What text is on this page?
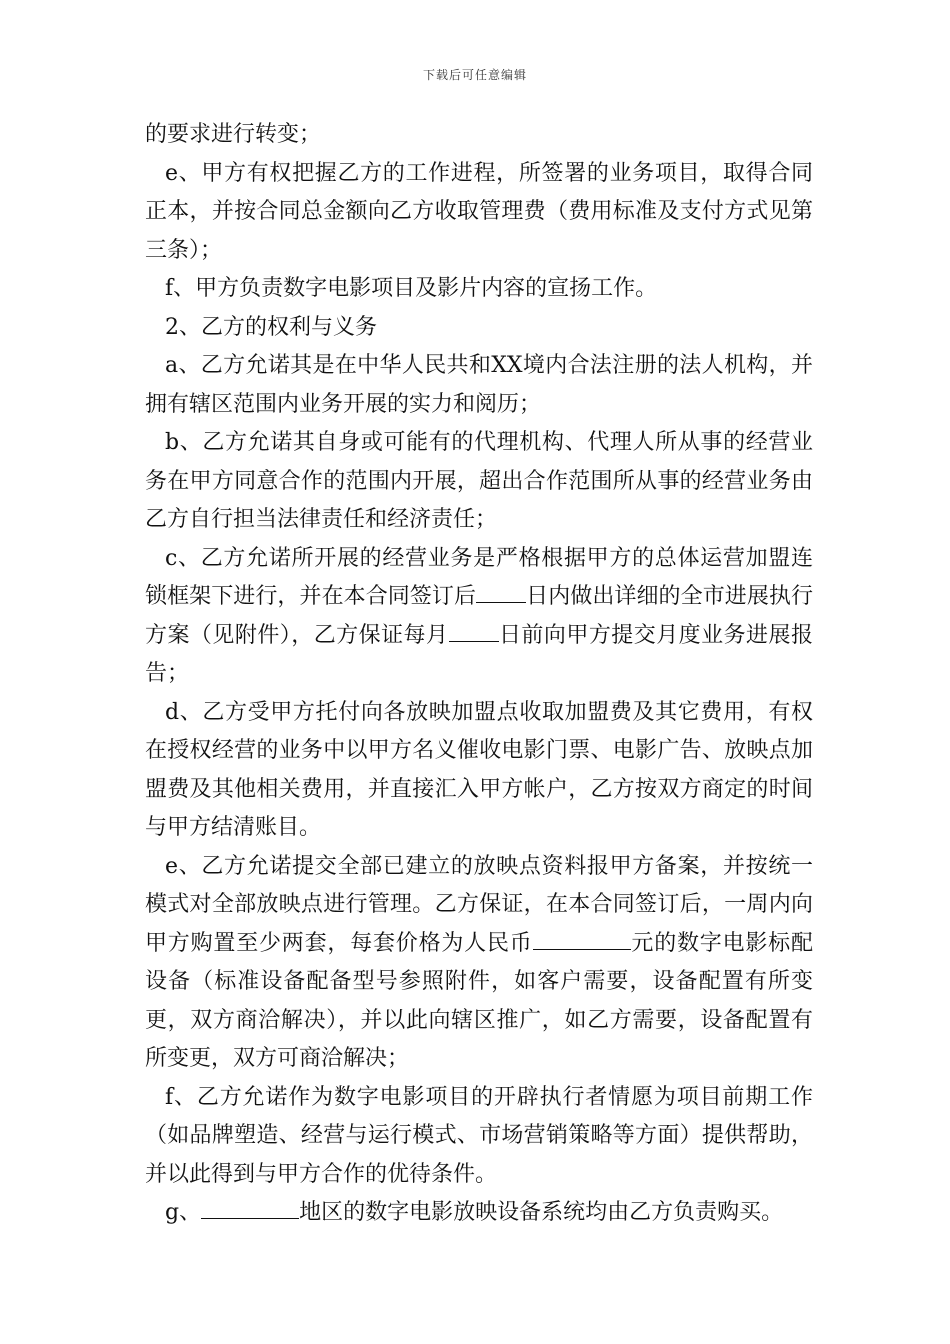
下载后可任意编辑

的要求进行转变；

e、甲方有权把握乙方的工作进程，所签署的业务项目，取得合同正本，并按合同总金额向乙方收取管理费（费用标准及支付方式见第三条）；

f、甲方负责数字电影项目及影片内容的宣扬工作。

2、乙方的权利与义务

a、乙方允诺其是在中华人民共和XX境内合法注册的法人机构，并拥有辖区范围内业务开展的实力和阅历；

b、乙方允诺其自身或可能有的代理机构、代理人所从事的经营业务在甲方同意合作的范围内开展，超出合作范围所从事的经营业务由乙方自行担当法律责任和经济责任；

c、乙方允诺所开展的经营业务是严格根据甲方的总体运营加盟连锁框架下进行，并在本合同签订后 日内做出详细的全市进展执行方案（见附件），乙方保证每月 日前向甲方提交月度业务进展报告；

d、乙方受甲方托付向各放映加盟点收取加盟费及其它费用，有权在授权经营的业务中以甲方名义催收电影门票、电影广告、放映点加盟费及其他相关费用，并直接汇入甲方帐户，乙方按双方商定的时间与甲方结清账目。

e、乙方允诺提交全部已建立的放映点资料报甲方备案，并按统一模式对全部放映点进行管理。乙方保证，在本合同签订后，一周内向甲方购置至少两套，每套价格为人民币	元的数字电影标配设备（标准设备配备型号参照附件，如客户需要，设备配置有所变更，双方商洽解决），并以此向辖区推广，如乙方需要，设备配置有所变更，双方可商洽解决；

f、乙方允诺作为数字电影项目的开辟执行者情愿为项目前期工作（如品牌塑造、经营与运行模式、市场营销策略等方面）提供帮助，并以此得到与甲方合作的优待条件。

g、	地区的数字电影放映设备系统均由乙方负责购买。
